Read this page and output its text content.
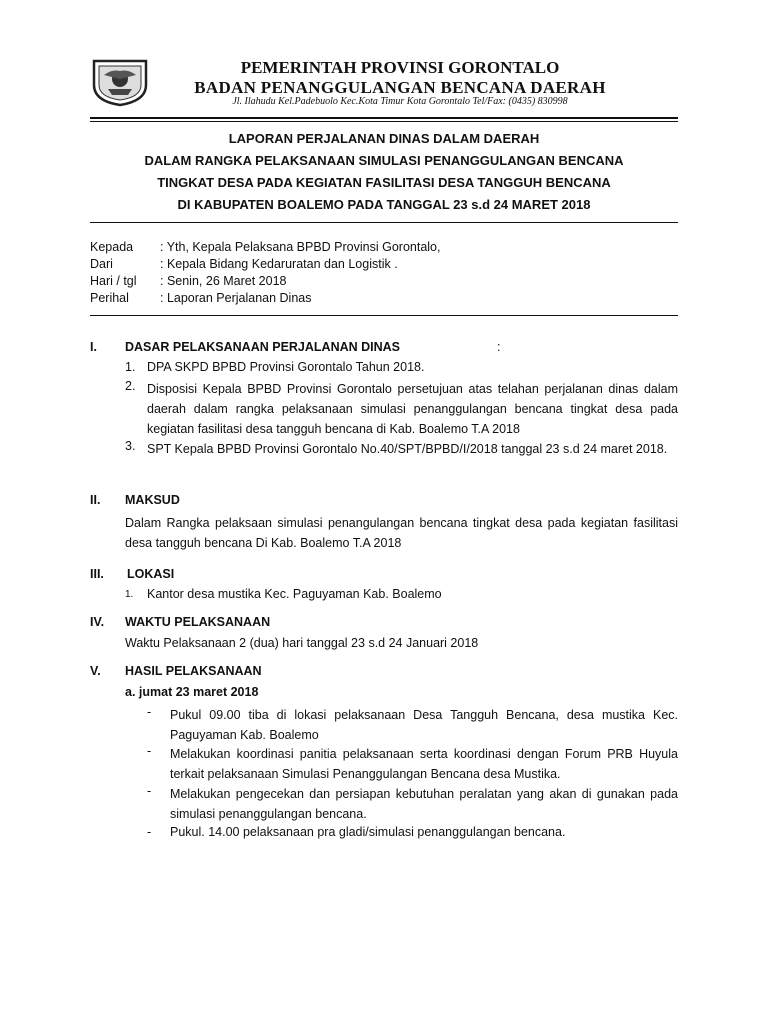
PEMERINTAH PROVINSI GORONTALO
BADAN PENANGGULANGAN BENCANA DAERAH
Jl. Ilahudu Kel.Padebuolo Kec.Kota Timur Kota Gorontalo Tel/Fax: (0435) 830998
LAPORAN PERJALANAN DINAS DALAM DAERAH
DALAM RANGKA PELAKSANAAN SIMULASI PENANGGULANGAN BENCANA
TINGKAT DESA PADA KEGIATAN FASILITASI DESA TANGGUH BENCANA
DI KABUPATEN BOALEMO PADA TANGGAL 23 s.d 24 MARET 2018
Kepada	: Yth, Kepala Pelaksana BPBD Provinsi Gorontalo,
Dari	: Kepala Bidang Kedaruratan dan Logistik .
Hari / tgl	: Senin, 26 Maret 2018
Perihal	: Laporan Perjalanan Dinas
I. DASAR PELAKSANAAN PERJALANAN DINAS	:
1. DPA SKPD BPBD Provinsi Gorontalo Tahun 2018.
2. Disposisi Kepala BPBD Provinsi Gorontalo persetujuan atas telahan perjalanan dinas dalam daerah dalam rangka pelaksanaan simulasi penanggulangan bencana tingkat desa pada kegiatan fasilitasi desa tangguh bencana di Kab. Boalemo T.A 2018
3. SPT Kepala BPBD Provinsi Gorontalo No.40/SPT/BPBD/I/2018 tanggal 23 s.d 24 maret 2018.
II. MAKSUD
Dalam Rangka pelaksaan simulasi penangulangan bencana tingkat desa pada kegiatan fasilitasi desa tangguh bencana Di Kab. Boalemo T.A 2018
III. LOKASI
1. Kantor desa mustika Kec. Paguyaman Kab. Boalemo
IV. WAKTU PELAKSANAAN
Waktu Pelaksanaan 2 (dua) hari tanggal 23 s.d 24 Januari 2018
V. HASIL PELAKSANAAN
a. jumat 23 maret 2018
- Pukul 09.00 tiba di lokasi pelaksanaan Desa Tangguh Bencana, desa mustika Kec. Paguyaman Kab. Boalemo
- Melakukan koordinasi panitia pelaksanaan serta koordinasi dengan Forum PRB Huyula terkait pelaksanaan Simulasi Penanggulangan Bencana desa Mustika.
- Melakukan pengecekan dan persiapan kebutuhan peralatan yang akan di gunakan pada simulasi penanggulangan bencana.
- Pukul. 14.00 pelaksanaan pra gladi/simulasi penanggulangan bencana.
